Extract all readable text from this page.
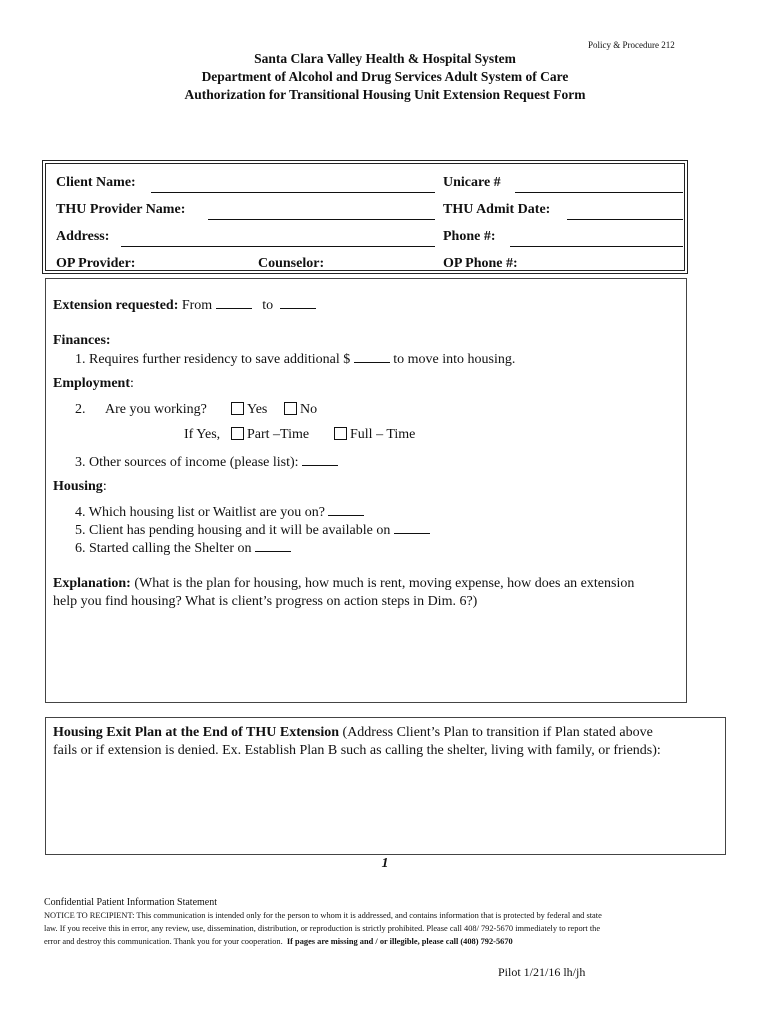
Policy & Procedure 212
Santa Clara Valley Health & Hospital System
Department of Alcohol and Drug Services Adult System of Care
Authorization for Transitional Housing Unit Extension Request Form
Client Name:	Unicare #
THU Provider Name:	THU Admit Date:
Address:	Phone #:
OP Provider:	Counselor:	OP Phone #:
Extension requested: From	to
Finances:
1. Requires further residency to save additional $	to move into housing.
Employment:
2. Are you working?	Yes	No
If Yes,	Part –Time	Full – Time
3. Other sources of income (please list):
Housing:
4. Which housing list or Waitlist are you on?
5. Client has pending housing and it will be available on
6. Started calling the Shelter on
Explanation: (What is the plan for housing, how much is rent, moving expense, how does an extension
help you find housing? What is client’s progress on action steps in Dim. 6?)
Housing Exit Plan at the End of THU Extension (Address Client’s Plan to transition if Plan stated above
fails or if extension is denied. Ex. Establish Plan B such as calling the shelter, living with family, or friends):
1
Confidential Patient Information Statement
NOTICE TO RECIPIENT: This communication is intended only for the person to whom it is addressed, and contains information that is protected by federal and state
law. If you receive this in error, any review, use, dissemination, distribution, or reproduction is strictly prohibited. Please call 408/ 792-5670 immediately to report the
error and destroy this communication. Thank you for your cooperation. If pages are missing and / or illegible, please call (408) 792-5670
Pilot 1/21/16 lh/jh
